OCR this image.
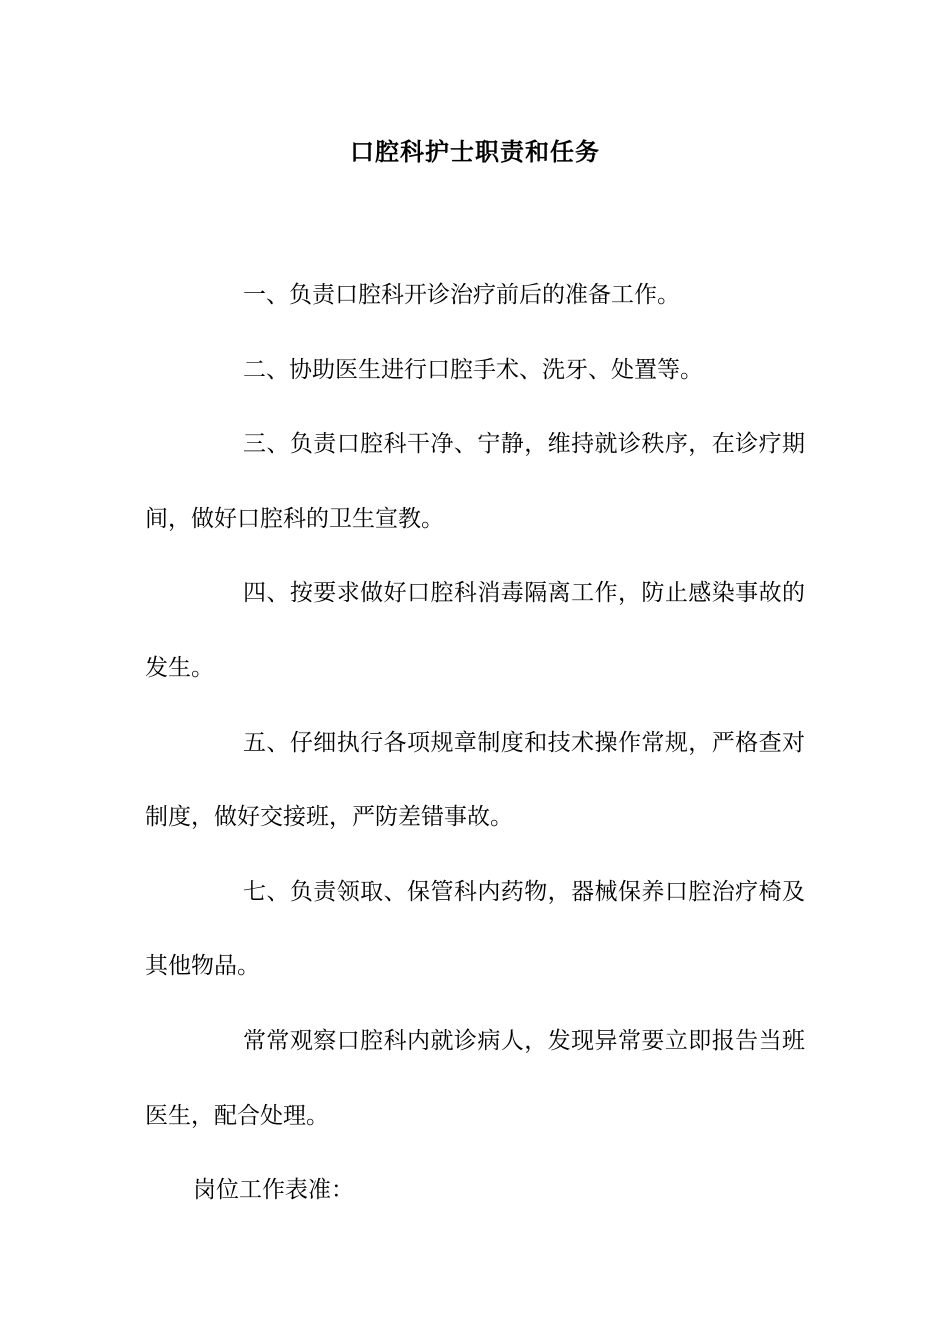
口腔科护士职责和任务

一、负责口腔科开诊治疗前后的准备工作。

二、协助医生进行口腔手术、洗牙、处置等。

三、负责口腔科干净、宁静，维持就诊秩序，在诊疗期间，做好口腔科的卫生宣教。

四、按要求做好口腔科消毒隔离工作，防止感染事故的发生。

五、仔细执行各项规章制度和技术操作常规，严格查对制度，做好交接班，严防差错事故。

七、负责领取、保管科内药物，器械保养口腔治疗椅及其他物品。

常常观察口腔科内就诊病人，发现异常要立即报告当班医生，配合处理。

岗位工作表准：
